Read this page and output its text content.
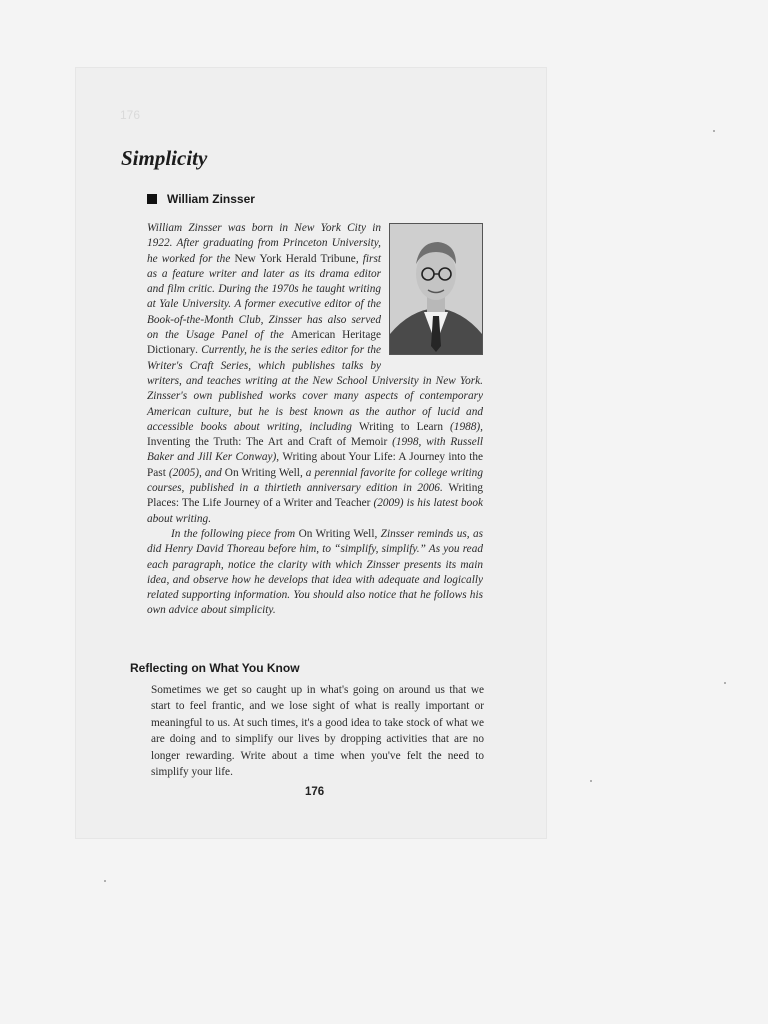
176
Simplicity
William Zinsser

William Zinsser was born in New York City in 1922. After graduating from Princeton University, he worked for the New York Herald Tribune, first as a feature writer and later as its drama editor and film critic. During the 1970s he taught writing at Yale University. A former executive editor of the Book-of-the-Month Club, Zinsser has also served on the Usage Panel of the American Heritage Dictionary. Currently, he is the series editor for the Writer's Craft Series, which publishes talks by writers, and teaches writing at the New School University in New York. Zinsser's own published works cover many aspects of contemporary American culture, but he is best known as the author of lucid and accessible books about writing, including Writing to Learn (1988), Inventing the Truth: The Art and Craft of Memoir (1998, with Russell Baker and Jill Ker Conway), Writing about Your Life: A Journey into the Past (2005), and On Writing Well, a perennial favorite for college writing courses, published in a thirtieth anniversary edition in 2006. Writing Places: The Life Journey of a Writer and Teacher (2009) is his latest book about writing.

In the following piece from On Writing Well, Zinsser reminds us, as did Henry David Thoreau before him, to “simplify, simplify.” As you read each paragraph, notice the clarity with which Zinsser presents its main idea, and observe how he develops that idea with adequate and logically related supporting information. You should also notice that he follows his own advice about simplicity.

Reflecting on What You Know
Sometimes we get so caught up in what's going on around us that we start to feel frantic, and we lose sight of what is really important or meaningful to us. At such times, it's a good idea to take stock of what we are doing and to simplify our lives by dropping activities that are no longer rewarding. Write about a time when you've felt the need to simplify your life.
176
